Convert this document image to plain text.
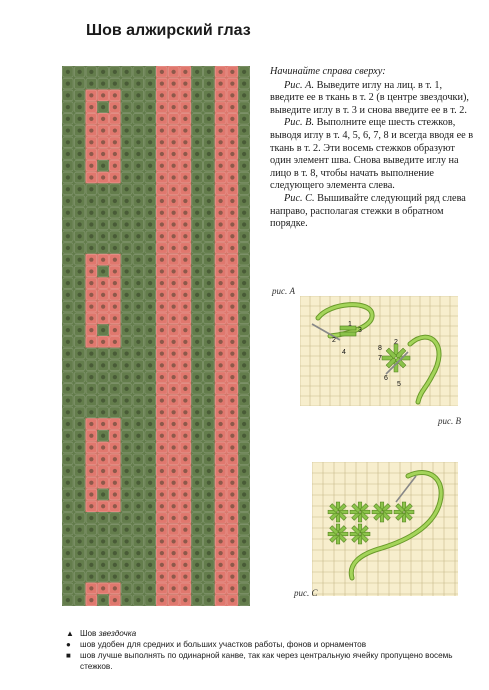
Шов алжирский глаз

Начинайте справа сверху:

Рис. А. Выведите иглу на лиц. в т. 1, введите ее в ткань в т. 2 (в центре звездочки), выведите иглу в т. 3 и снова введите ее в т. 2.

Рис. В. Выполните еще шесть стежков, выводя иглу в т. 4, 5, 6, 7, 8 и всегда вводя ее в ткань в т. 2. Эти восемь стежков образуют один элемент шва. Снова выведите иглу на лицо в т. 8, чтобы начать выполнение следующего элемента слева.

Рис. С. Вышивайте следующий ряд слева направо, располагая стежки в обратном порядке.

рис. А
2
3
1
4
8
7
6
5
2
рис. В
рис. С
▲ Шов звездочка
●	шов удобен для средних и больших участков работы, фонов и орнаментов
■	шов лучше выполнять по одинарной канве, так как через центральную ячейку пропущено восемь стежков.
